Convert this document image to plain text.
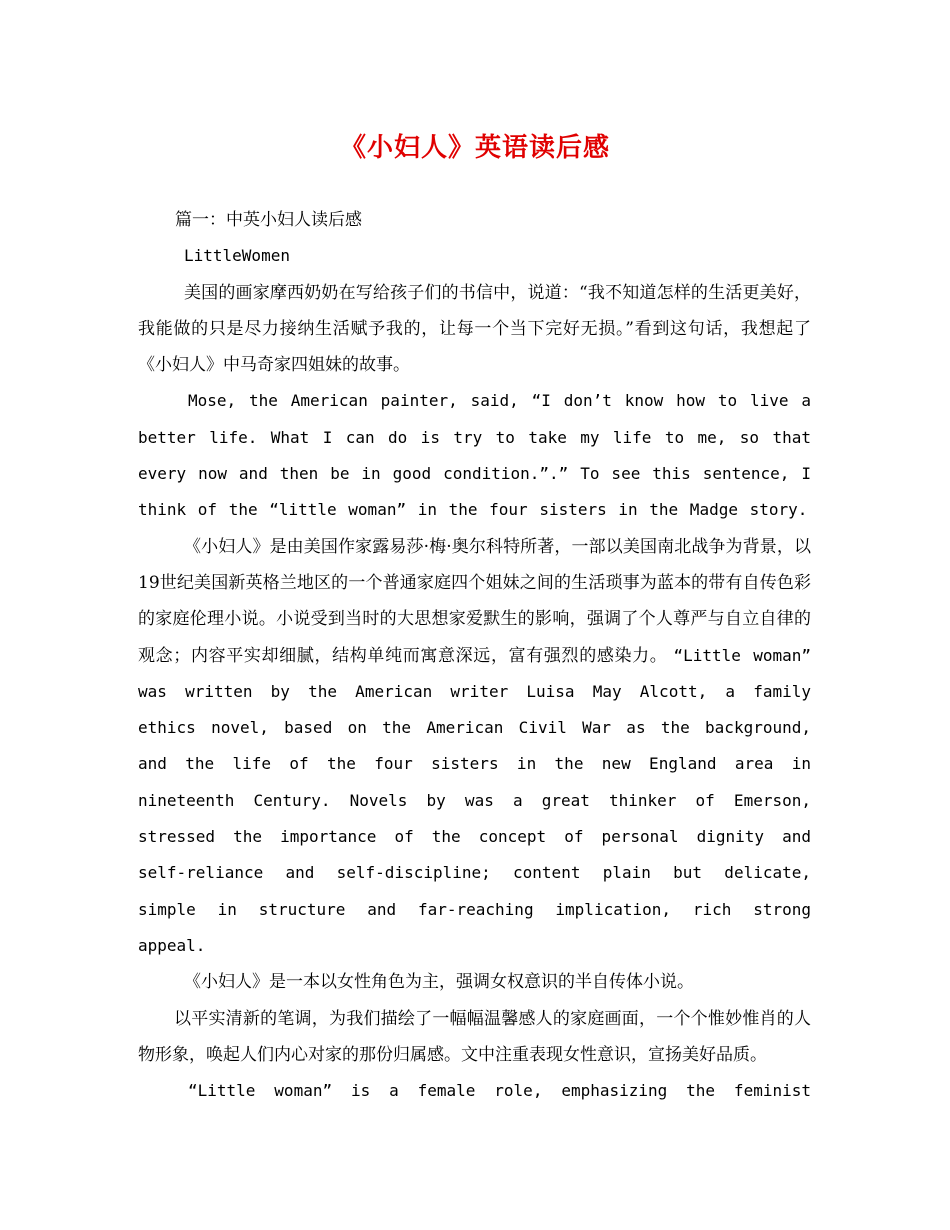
《小妇人》英语读后感

篇一：中英小妇人读后感

LittleWomen

美国的画家摩西奶奶在写给孩子们的书信中，说道：“我不知道怎样的生活更美好，我能做的只是尽力接纳生活赋予我的，让每一个当下完好无损。”看到这句话，我想起了《小妇人》中马奇家四姐妹的故事。

Mose, the American painter, said, “I don’t know how to live a better life. What I can do is try to take my life to me, so that every now and then be in good condition.”.” To see this sentence, I think of the “little woman” in the four sisters in the Madge story.

《小妇人》是由美国作家露易莎·梅·奥尔科特所著，一部以美国南北战争为背景，以19世纪美国新英格兰地区的一个普通家庭四个姐妹之间的生活琐事为蓝本的带有自传色彩的家庭伦理小说。小说受到当时的大思想家爱默生的影响，强调了个人尊严与自立自律的观念；内容平实却细腻，结构单纯而寓意深远，富有强烈的感染力。 “Little woman” was written by the American writer Luisa May Alcott, a family ethics novel, based on the American Civil War as the background, and the life of the four sisters in the new England area in nineteenth Century. Novels by was a great thinker of Emerson, stressed the importance of the concept of personal dignity and self-reliance and self-discipline; content plain but delicate, simple in structure and far-reaching implication, rich strong appeal.

《小妇人》是一本以女性角色为主，强调女权意识的半自传体小说。

以平实清新的笔调，为我们描绘了一幅幅温馨感人的家庭画面，一个个惟妙惟肖的人物形象，唤起人们内心对家的那份归属感。文中注重表现女性意识，宣扬美好品质。

“Little woman” is a female role, emphasizing the feminist
